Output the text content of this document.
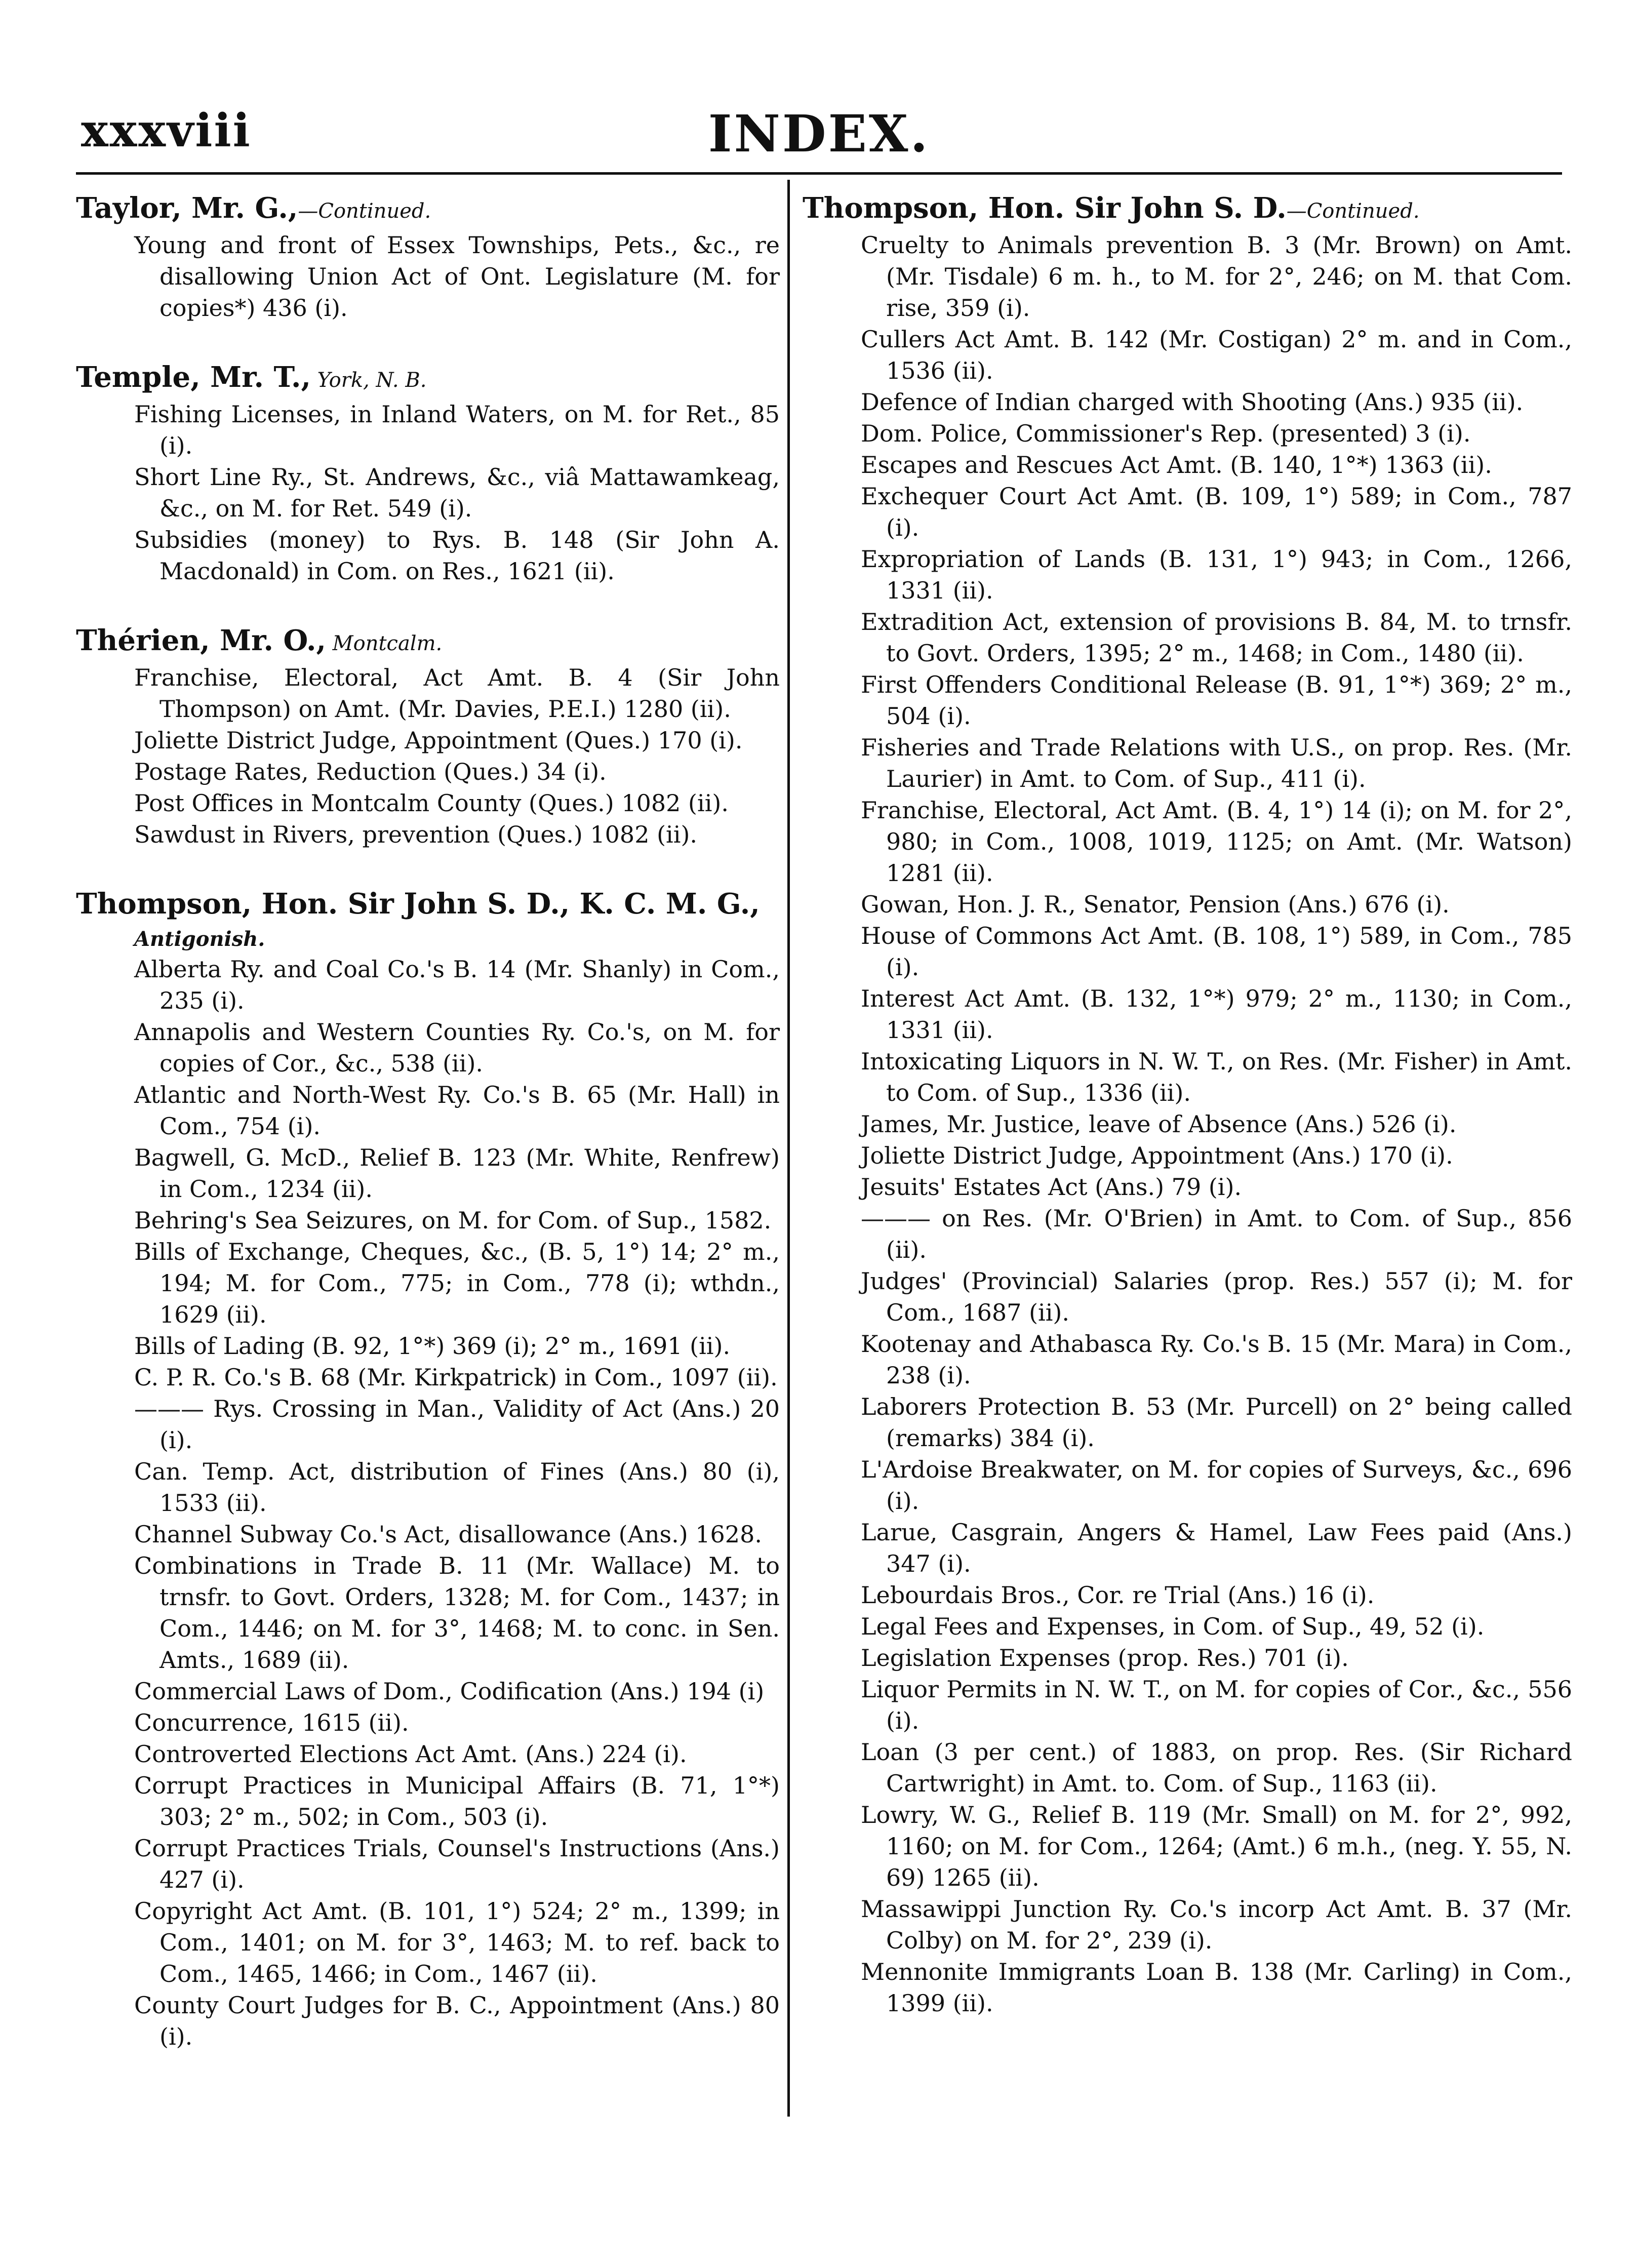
xxxviii	INDEX.
Taylor, Mr. G.,—Continued.
Young and front of Essex Townships, Pets., &c., re disallowing Union Act of Ont. Legislature (M. for copies*) 436 (i).
Temple, Mr. T., York, N. B.
Fishing Licenses, in Inland Waters, on M. for Ret., 85 (i).
Short Line Ry., St. Andrews, &c., viâ Mattawamkeag, &c., on M. for Ret. 549 (i).
Subsidies (money) to Rys. B. 148 (Sir John A. Macdonald) in Com. on Res., 1621 (ii).
Thérien, Mr. O., Montcalm.
Franchise, Electoral, Act Amt. B. 4 (Sir John Thompson) on Amt. (Mr. Davies, P.E.I.) 1280 (ii).
Joliette District Judge, Appointment (Ques.) 170 (i).
Postage Rates, Reduction (Ques.) 34 (i).
Post Offices in Montcalm County (Ques.) 1082 (ii).
Sawdust in Rivers, prevention (Ques.) 1082 (ii).
Thompson, Hon. Sir John S. D., K. C. M. G.,
Antigonish.
Alberta Ry. and Coal Co.'s B. 14 (Mr. Shanly) in Com., 235 (i).
Annapolis and Western Counties Ry. Co.'s, on M. for copies of Cor., &c., 538 (ii).
Atlantic and North-West Ry. Co.'s B. 65 (Mr. Hall) in Com., 754 (i).
Bagwell, G. McD., Relief B. 123 (Mr. White, Renfrew) in Com., 1234 (ii).
Behring's Sea Seizures, on M. for Com. of Sup., 1582.
Bills of Exchange, Cheques, &c., (B. 5, 1°) 14; 2° m., 194; M. for Com., 775; in Com., 778 (i); wthdn., 1629 (ii).
Bills of Lading (B. 92, 1°*) 369 (i); 2° m., 1691 (ii).
C. P. R. Co.'s B. 68 (Mr. Kirkpatrick) in Com., 1097 (ii).
——— Rys. Crossing in Man., Validity of Act (Ans.) 20 (i).
Can. Temp. Act, distribution of Fines (Ans.) 80 (i), 1533 (ii).
Channel Subway Co.'s Act, disallowance (Ans.) 1628.
Combinations in Trade B. 11 (Mr. Wallace) M. to trnsfr. to Govt. Orders, 1328; M. for Com., 1437; in Com., 1446; on M. for 3°, 1468; M. to conc. in Sen. Amts., 1689 (ii).
Commercial Laws of Dom., Codification (Ans.) 194 (i)
Concurrence, 1615 (ii).
Controverted Elections Act Amt. (Ans.) 224 (i).
Corrupt Practices in Municipal Affairs (B. 71, 1°*) 303; 2° m., 502; in Com., 503 (i).
Corrupt Practices Trials, Counsel's Instructions (Ans.) 427 (i).
Copyright Act Amt. (B. 101, 1°) 524; 2° m., 1399; in Com., 1401; on M. for 3°, 1463; M. to ref. back to Com., 1465, 1466; in Com., 1467 (ii).
County Court Judges for B. C., Appointment (Ans.) 80 (i).
Thompson, Hon. Sir John S. D.—Continued.
Cruelty to Animals prevention B. 3 (Mr. Brown) on Amt. (Mr. Tisdale) 6 m. h., to M. for 2°, 246; on M. that Com. rise, 359 (i).
Cullers Act Amt. B. 142 (Mr. Costigan) 2° m. and in Com., 1536 (ii).
Defence of Indian charged with Shooting (Ans.) 935 (ii).
Dom. Police, Commissioner's Rep. (presented) 3 (i).
Escapes and Rescues Act Amt. (B. 140, 1°*) 1363 (ii).
Exchequer Court Act Amt. (B. 109, 1°) 589; in Com., 787 (i).
Expropriation of Lands (B. 131, 1°) 943; in Com., 1266, 1331 (ii).
Extradition Act, extension of provisions B. 84, M. to trnsfr. to Govt. Orders, 1395; 2° m., 1468; in Com., 1480 (ii).
First Offenders Conditional Release (B. 91, 1°*) 369; 2° m., 504 (i).
Fisheries and Trade Relations with U.S., on prop. Res. (Mr. Laurier) in Amt. to Com. of Sup., 411 (i).
Franchise, Electoral, Act Amt. (B. 4, 1°) 14 (i); on M. for 2°, 980; in Com., 1008, 1019, 1125; on Amt. (Mr. Watson) 1281 (ii).
Gowan, Hon. J. R., Senator, Pension (Ans.) 676 (i).
House of Commons Act Amt. (B. 108, 1°) 589, in Com., 785 (i).
Interest Act Amt. (B. 132, 1°*) 979; 2° m., 1130; in Com., 1331 (ii).
Intoxicating Liquors in N. W. T., on Res. (Mr. Fisher) in Amt. to Com. of Sup., 1336 (ii).
James, Mr. Justice, leave of Absence (Ans.) 526 (i).
Joliette District Judge, Appointment (Ans.) 170 (i).
Jesuits' Estates Act (Ans.) 79 (i).
——— on Res. (Mr. O'Brien) in Amt. to Com. of Sup., 856 (ii).
Judges' (Provincial) Salaries (prop. Res.) 557 (i); M. for Com., 1687 (ii).
Kootenay and Athabasca Ry. Co.'s B. 15 (Mr. Mara) in Com., 238 (i).
Laborers Protection B. 53 (Mr. Purcell) on 2° being called (remarks) 384 (i).
L'Ardoise Breakwater, on M. for copies of Surveys, &c., 696 (i).
Larue, Casgrain, Angers & Hamel, Law Fees paid (Ans.) 347 (i).
Lebourdais Bros., Cor. re Trial (Ans.) 16 (i).
Legal Fees and Expenses, in Com. of Sup., 49, 52 (i).
Legislation Expenses (prop. Res.) 701 (i).
Liquor Permits in N. W. T., on M. for copies of Cor., &c., 556 (i).
Loan (3 per cent.) of 1883, on prop. Res. (Sir Richard Cartwright) in Amt. to. Com. of Sup., 1163 (ii).
Lowry, W. G., Relief B. 119 (Mr. Small) on M. for 2°, 992, 1160; on M. for Com., 1264; (Amt.) 6 m.h., (neg. Y. 55, N. 69) 1265 (ii).
Massawippi Junction Ry. Co.'s incorp Act Amt. B. 37 (Mr. Colby) on M. for 2°, 239 (i).
Mennonite Immigrants Loan B. 138 (Mr. Carling) in Com., 1399 (ii).
